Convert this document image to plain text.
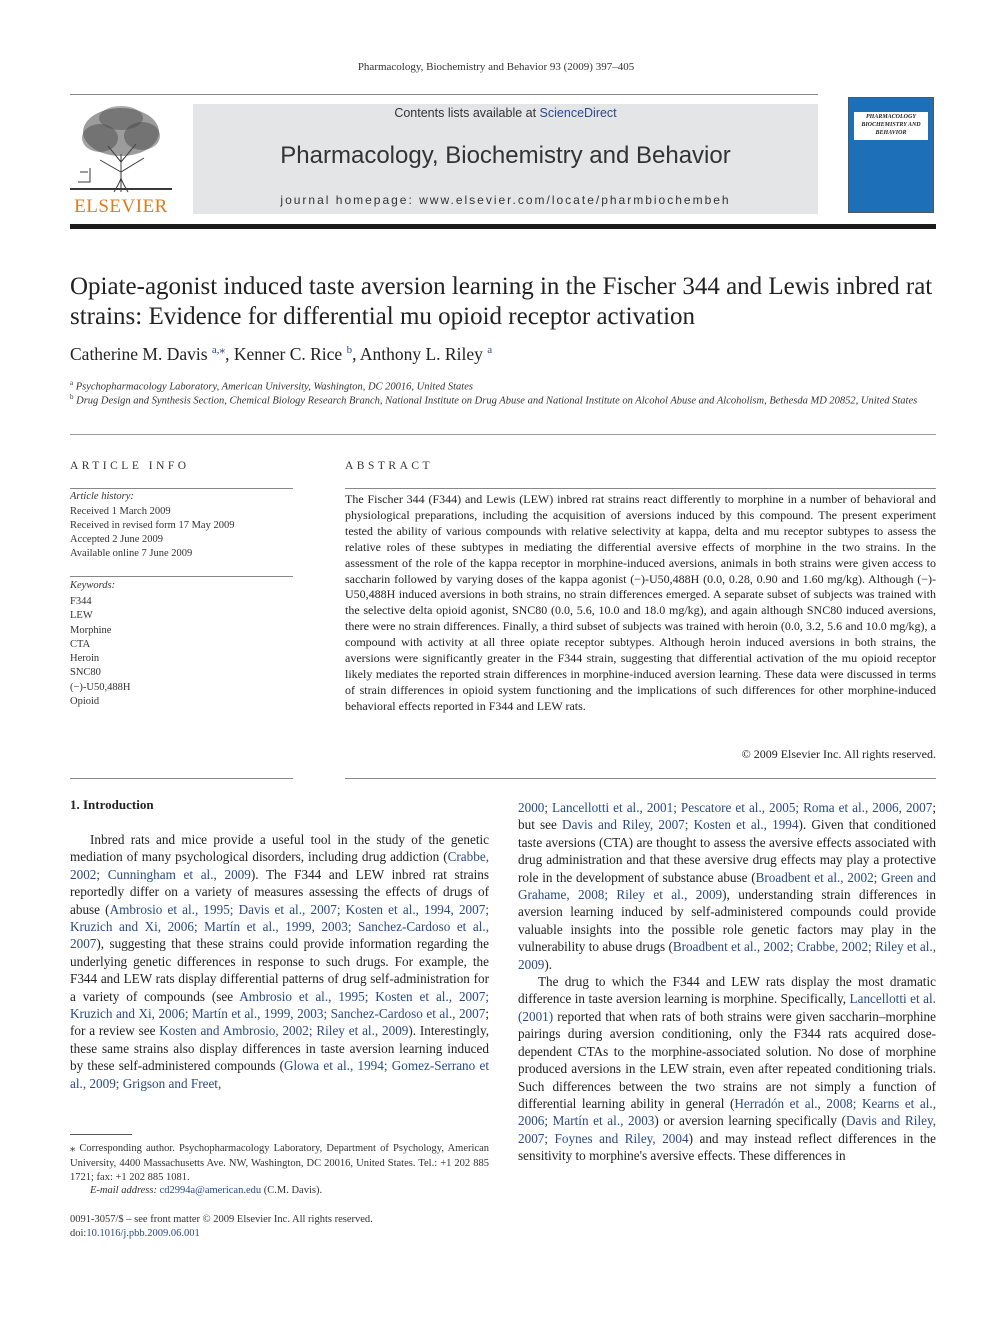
Pharmacology, Biochemistry and Behavior 93 (2009) 397–405
ELSEVIER
Contents lists available at ScienceDirect
Pharmacology, Biochemistry and Behavior
journal homepage: www.elsevier.com/locate/pharmbiochembeh
PHARMACOLOGY BIOCHEMISTRY AND BEHAVIOR
Opiate-agonist induced taste aversion learning in the Fischer 344 and Lewis inbred rat strains: Evidence for differential mu opioid receptor activation
Catherine M. Davis $^{a,⁎}$, Kenner C. Rice $^b$, Anthony L. Riley $^a$
$^a$ Psychopharmacology Laboratory, American University, Washington, DC 20016, United States
$^b$ Drug Design and Synthesis Section, Chemical Biology Research Branch, National Institute on Drug Abuse and National Institute on Alcohol Abuse and Alcoholism, Bethesda MD 20852, United States
ARTICLE INFO
Article history:
Received 1 March 2009
Received in revised form 17 May 2009
Accepted 2 June 2009
Available online 7 June 2009
Keywords:
F344
LEW
Morphine
CTA
Heroin
SNC80
(−)-U50,488H
Opioid
ABSTRACT
The Fischer 344 (F344) and Lewis (LEW) inbred rat strains react differently to morphine in a number of behavioral and physiological preparations, including the acquisition of aversions induced by this compound. The present experiment tested the ability of various compounds with relative selectivity at kappa, delta and mu receptor subtypes to assess the relative roles of these subtypes in mediating the differential aversive effects of morphine in the two strains. In the assessment of the role of the kappa receptor in morphine-induced aversions, animals in both strains were given access to saccharin followed by varying doses of the kappa agonist (−)-U50,488H (0.0, 0.28, 0.90 and 1.60 mg/kg). Although (−)-U50,488H induced aversions in both strains, no strain differences emerged. A separate subset of subjects was trained with the selective delta opioid agonist, SNC80 (0.0, 5.6, 10.0 and 18.0 mg/kg), and again although SNC80 induced aversions, there were no strain differences. Finally, a third subset of subjects was trained with heroin (0.0, 3.2, 5.6 and 10.0 mg/kg), a compound with activity at all three opiate receptor subtypes. Although heroin induced aversions in both strains, the aversions were significantly greater in the F344 strain, suggesting that differential activation of the mu opioid receptor likely mediates the reported strain differences in morphine-induced aversion learning. These data were discussed in terms of strain differences in opioid system functioning and the implications of such differences for other morphine-induced behavioral effects reported in F344 and LEW rats.
© 2009 Elsevier Inc. All rights reserved.
1. Introduction
Inbred rats and mice provide a useful tool in the study of the genetic mediation of many psychological disorders, including drug addiction (Crabbe, 2002; Cunningham et al., 2009). The F344 and LEW inbred rat strains reportedly differ on a variety of measures assessing the effects of drugs of abuse (Ambrosio et al., 1995; Davis et al., 2007; Kosten et al., 1994, 2007; Kruzich and Xi, 2006; Martín et al., 1999, 2003; Sanchez-Cardoso et al., 2007), suggesting that these strains could provide information regarding the underlying genetic differences in response to such drugs. For example, the F344 and LEW rats display differential patterns of drug self-administration for a variety of compounds (see Ambrosio et al., 1995; Kosten et al., 2007; Kruzich and Xi, 2006; Martín et al., 1999, 2003; Sanchez-Cardoso et al., 2007; for a review see Kosten and Ambrosio, 2002; Riley et al., 2009). Interestingly, these same strains also display differences in taste aversion learning induced by these self-administered compounds (Glowa et al., 1994; Gomez-Serrano et al., 2009; Grigson and Freet,

2000; Lancellotti et al., 2001; Pescatore et al., 2005; Roma et al., 2006, 2007; but see Davis and Riley, 2007; Kosten et al., 1994). Given that conditioned taste aversions (CTA) are thought to assess the aversive effects associated with drug administration and that these aversive drug effects may play a protective role in the development of substance abuse (Broadbent et al., 2002; Green and Grahame, 2008; Riley et al., 2009), understanding strain differences in aversion learning induced by self-administered compounds could provide valuable insights into the possible role genetic factors may play in the vulnerability to abuse drugs (Broadbent et al., 2002; Crabbe, 2002; Riley et al., 2009).

The drug to which the F344 and LEW rats display the most dramatic difference in taste aversion learning is morphine. Specifically, Lancellotti et al. (2001) reported that when rats of both strains were given saccharin–morphine pairings during aversion conditioning, only the F344 rats acquired dose-dependent CTAs to the morphine-associated solution. No dose of morphine produced aversions in the LEW strain, even after repeated conditioning trials. Such differences between the two strains are not simply a function of differential learning ability in general (Herradón et al., 2008; Kearns et al., 2006; Martín et al., 2003) or aversion learning specifically (Davis and Riley, 2007; Foynes and Riley, 2004) and may instead reflect differences in the sensitivity to morphine's aversive effects. These differences in

⁎ Corresponding author. Psychopharmacology Laboratory, Department of Psychology, American University, 4400 Massachusetts Ave. NW, Washington, DC 20016, United States. Tel.: +1 202 885 1721; fax: +1 202 885 1081.
E-mail address: cd2994a@american.edu (C.M. Davis).
0091-3057/$ – see front matter © 2009 Elsevier Inc. All rights reserved.
doi:10.1016/j.pbb.2009.06.001
